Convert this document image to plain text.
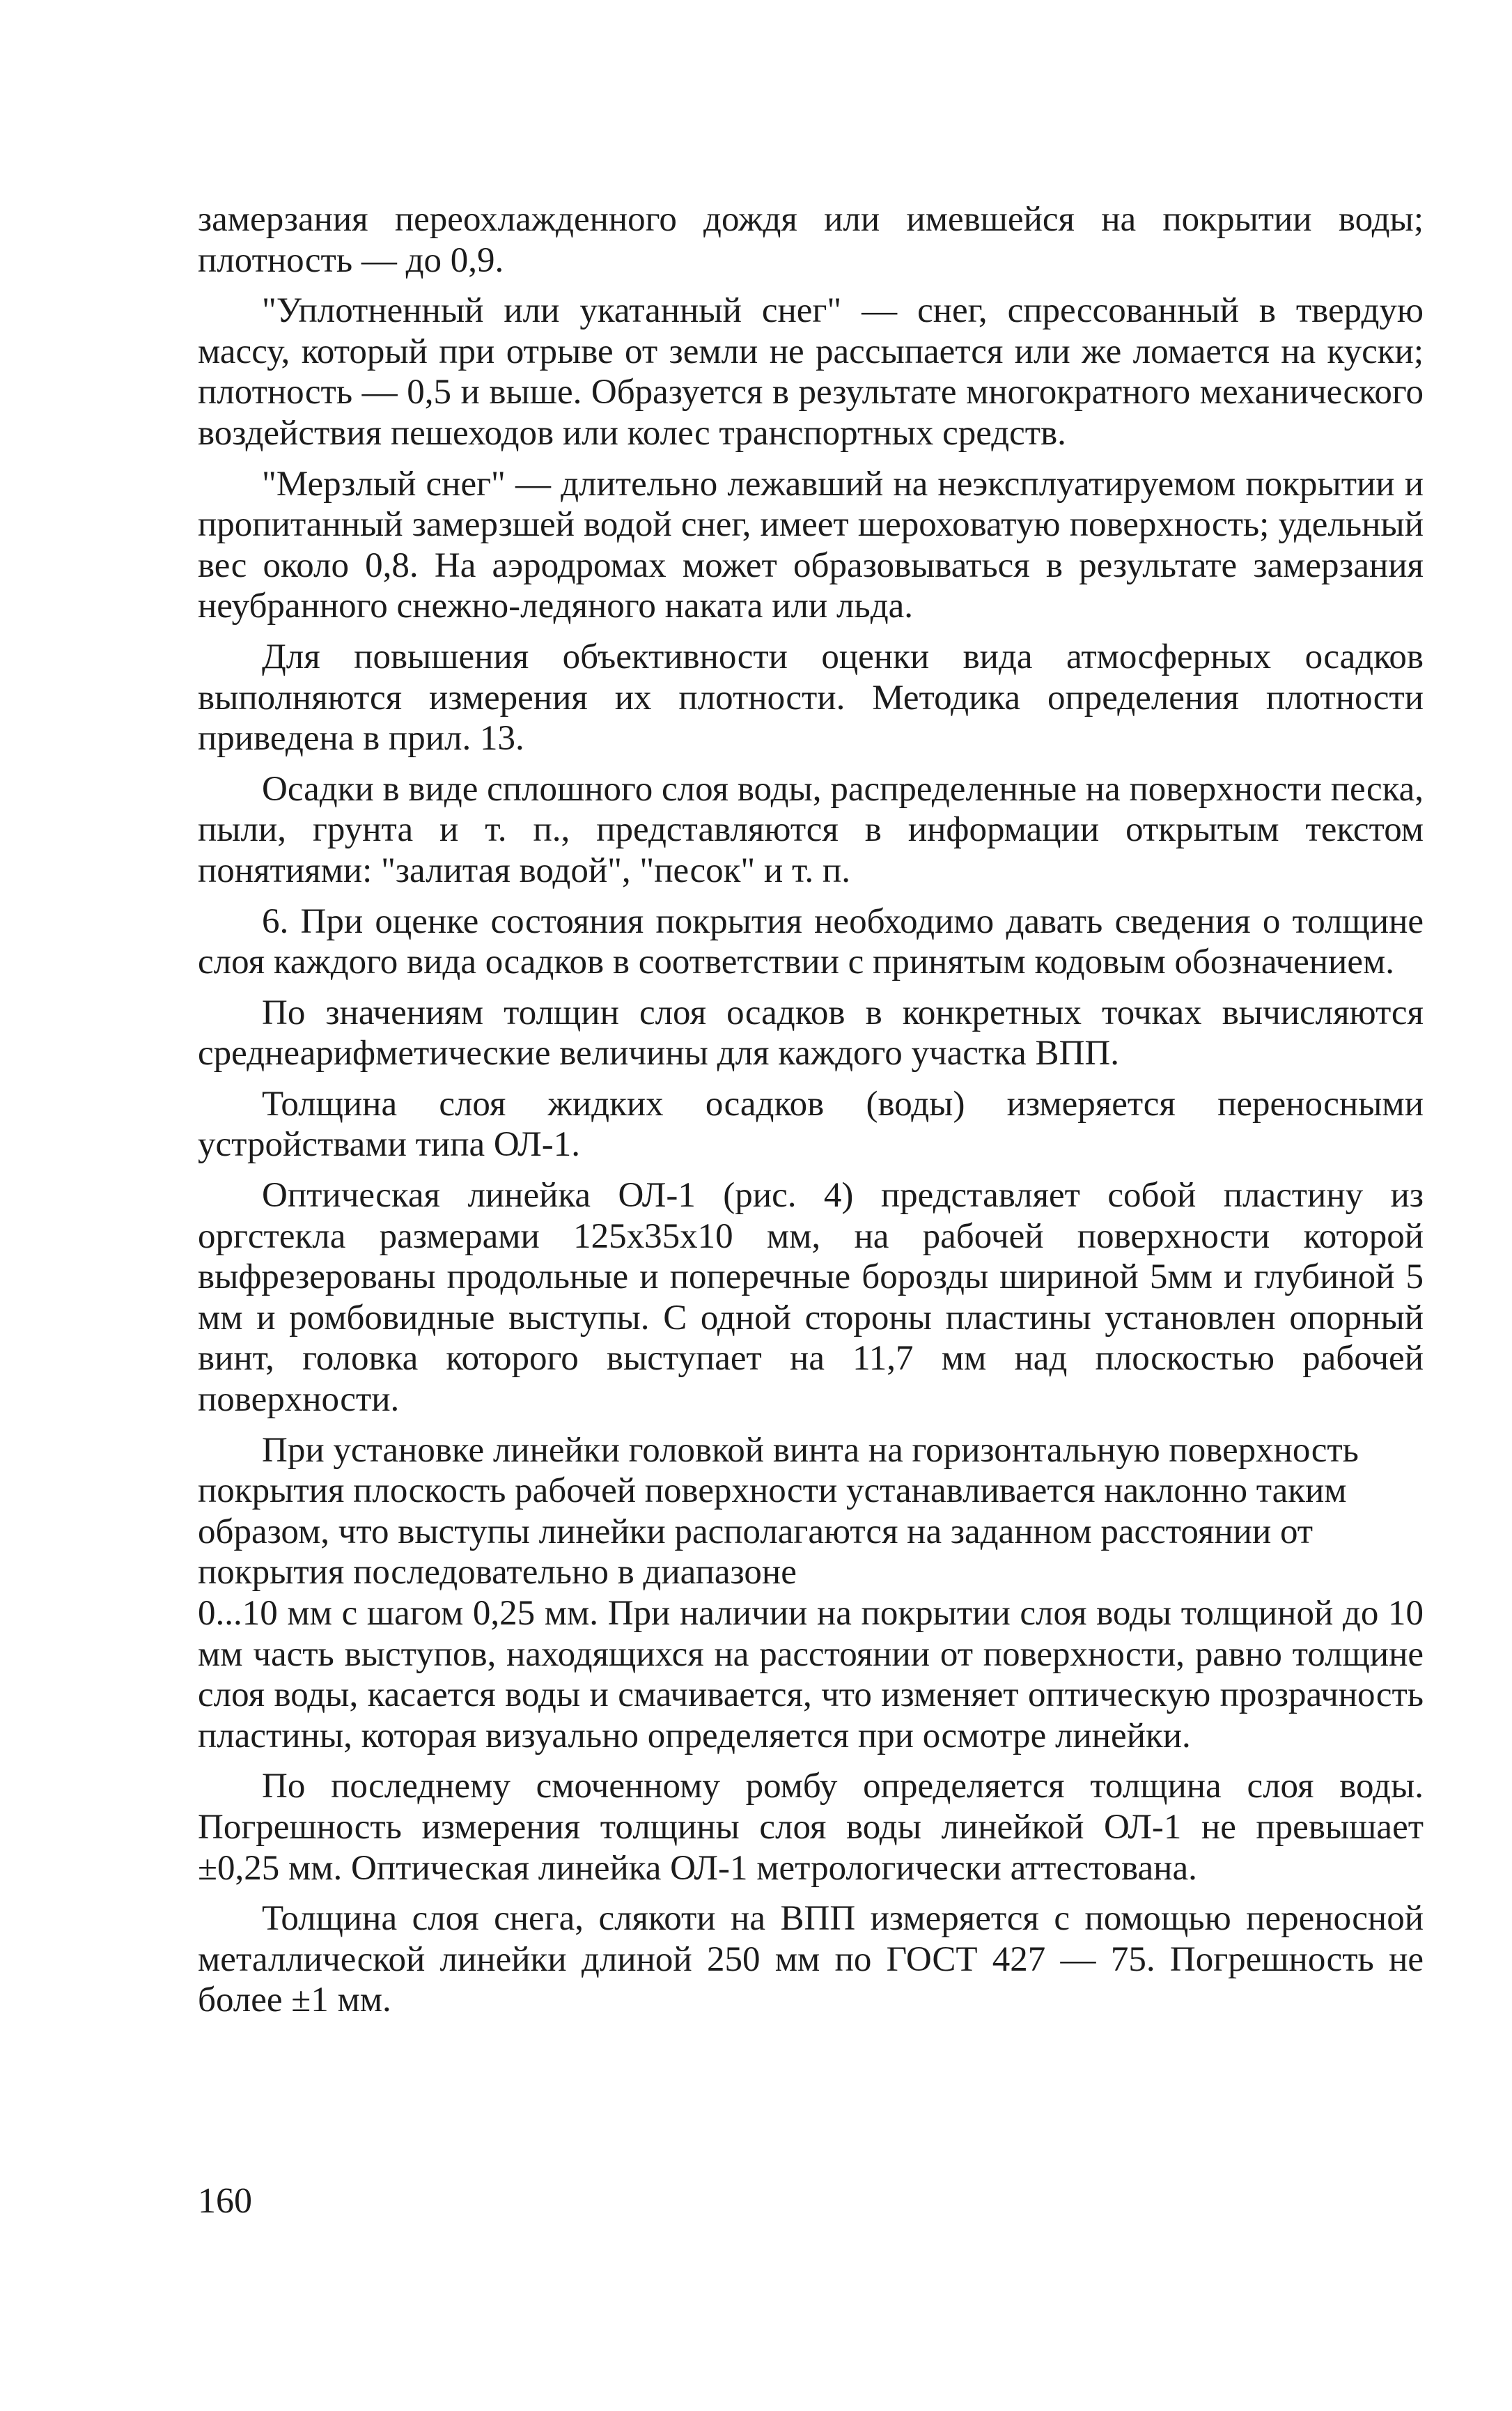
замерзания переохлажденного дождя или имевшейся на покрытии воды; плотность — до 0,9.

"Уплотненный или укатанный снег" — снег, спрессованный в твердую массу, который при отрыве от земли не рассыпается или же ломается на куски; плотность — 0,5 и выше. Образуется в результате многократного механического воздействия пешеходов или колес транспортных средств.

"Мерзлый снег" — длительно лежавший на неэксплуатируемом покрытии и пропитанный замерзшей водой снег, имеет шероховатую поверхность; удельный вес около 0,8. На аэродромах может образовываться в результате замерзания неубранного снежно-ледяного наката или льда.

Для повышения объективности оценки вида атмосферных осадков выполняются измерения их плотности. Методика определения плотности приведена в прил. 13.

Осадки в виде сплошного слоя воды, распределенные на поверхности песка, пыли, грунта и т. п., представляются в информации открытым текстом понятиями: "залитая водой", "песок" и т. п.

6. При оценке состояния покрытия необходимо давать сведения о толщине слоя каждого вида осадков в соответствии с принятым кодовым обозначением.

По значениям толщин слоя осадков в конкретных точках вычисляются среднеарифметические величины для каждого участка ВПП.

Толщина слоя жидких осадков (воды) измеряется переносными устройствами типа ОЛ-1.

Оптическая линейка ОЛ-1 (рис. 4) представляет собой пластину из оргстекла размерами 125x35x10 мм, на рабочей поверхности которой выфрезерованы продольные и поперечные борозды шириной 5мм и глубиной 5 мм и ромбовидные выступы. С одной стороны пластины установлен опорный винт, головка которого выступает на 11,7 мм над плоскостью рабочей поверхности.

При установке линейки головкой винта на горизонтальную поверхность покрытия плоскость рабочей поверхности устанавливается наклонно таким образом, что выступы линейки располагаются на заданном расстоянии от покрытия последовательно в диапазоне

0...10 мм с шагом 0,25 мм. При наличии на покрытии слоя воды толщиной до 10 мм часть выступов, находящихся на расстоянии от поверхности, равно толщине слоя воды, касается воды и смачивается, что изменяет оптическую прозрачность пластины, которая визуально определяется при осмотре линейки.

По последнему смоченному ромбу определяется толщина слоя воды. Погрешность измерения толщины слоя воды линейкой ОЛ-1 не превышает ±0,25 мм. Оптическая линейка ОЛ-1 метрологически аттестована.

Толщина слоя снега, слякоти на ВПП измеряется с помощью переносной металлической линейки длиной 250 мм по ГОСТ 427 — 75. Погрешность не более ±1 мм.

160
